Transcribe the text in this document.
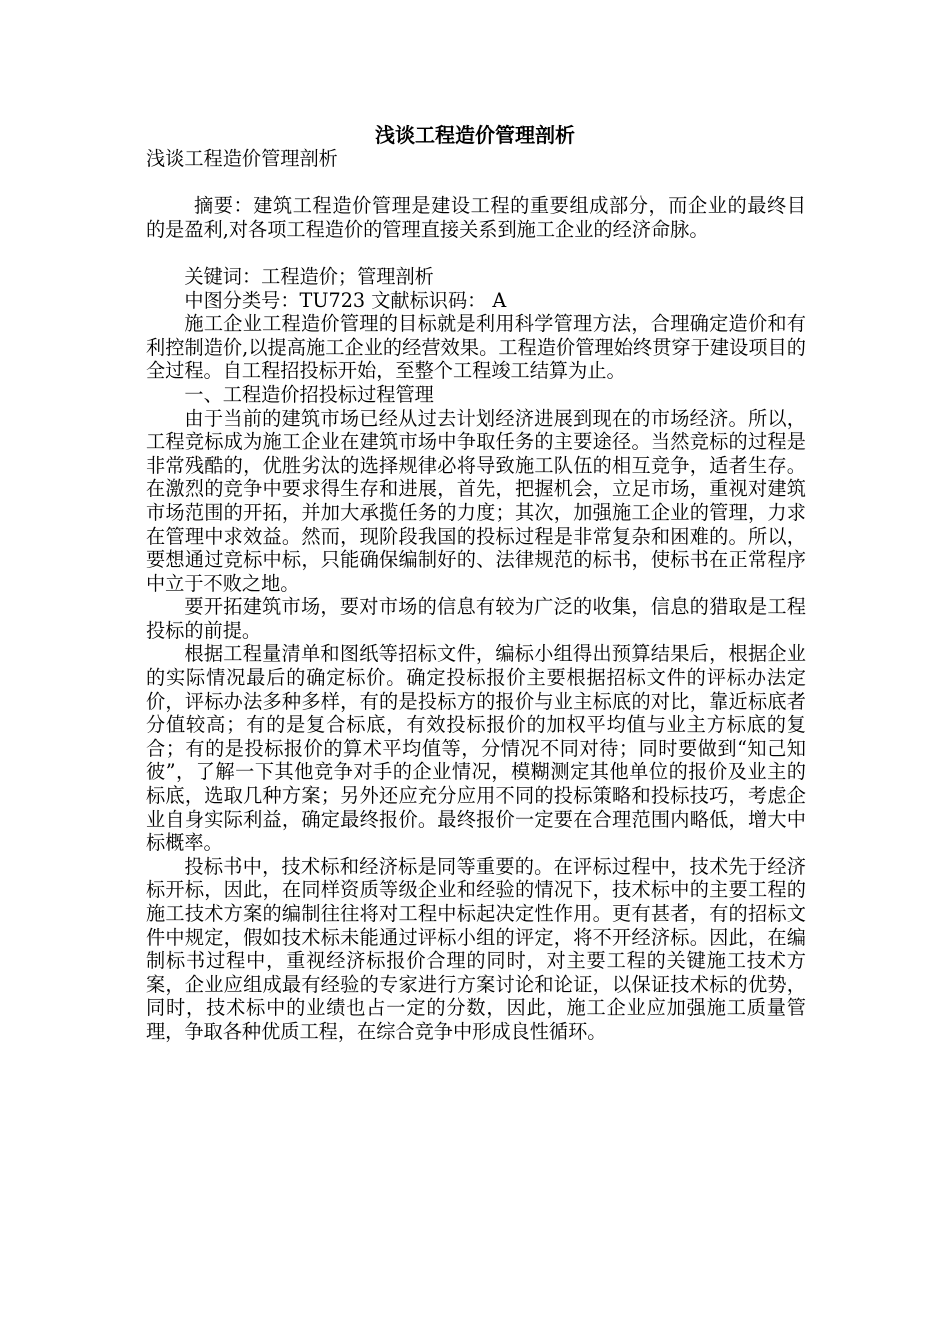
浅谈工程造价管理剖析

浅谈工程造价管理剖析

摘要：建筑工程造价管理是建设工程的重要组成部分，而企业的最终目的是盈利,对各项工程造价的管理直接关系到施工企业的经济命脉。

关键词：工程造价；管理剖析

中图分类号：TU723 文献标识码： A

施工企业工程造价管理的目标就是利用科学管理方法，合理确定造价和有利控制造价,以提高施工企业的经营效果。工程造价管理始终贯穿于建设项目的全过程。自工程招投标开始，至整个工程竣工结算为止。

一、工程造价招投标过程管理

由于当前的建筑市场已经从过去计划经济进展到现在的市场经济。所以，工程竞标成为施工企业在建筑市场中争取任务的主要途径。当然竞标的过程是非常残酷的，优胜劣汰的选择规律必将导致施工队伍的相互竞争，适者生存。在激烈的竞争中要求得生存和进展，首先，把握机会，立足市场，重视对建筑市场范围的开拓，并加大承揽任务的力度；其次，加强施工企业的管理，力求在管理中求效益。然而，现阶段我国的投标过程是非常复杂和困难的。所以，要想通过竞标中标，只能确保编制好的、法律规范的标书，使标书在正常程序中立于不败之地。

要开拓建筑市场，要对市场的信息有较为广泛的收集，信息的猎取是工程投标的前提。

根据工程量清单和图纸等招标文件，编标小组得出预算结果后，根据企业的实际情况最后的确定标价。确定投标报价主要根据招标文件的评标办法定价，评标办法多种多样，有的是投标方的报价与业主标底的对比，靠近标底者分值较高；有的是复合标底，有效投标报价的加权平均值与业主方标底的复合；有的是投标报价的算术平均值等，分情况不同对待；同时要做到“知己知彼”，了解一下其他竞争对手的企业情况，模糊测定其他单位的报价及业主的标底，选取几种方案；另外还应充分应用不同的投标策略和投标技巧，考虑企业自身实际利益，确定最终报价。最终报价一定要在合理范围内略低，增大中标概率。

投标书中，技术标和经济标是同等重要的。在评标过程中，技术先于经济标开标，因此，在同样资质等级企业和经验的情况下，技术标中的主要工程的施工技术方案的编制往往将对工程中标起决定性作用。更有甚者，有的招标文件中规定，假如技术标未能通过评标小组的评定，将不开经济标。因此，在编制标书过程中，重视经济标报价合理的同时，对主要工程的关键施工技术方案，企业应组成最有经验的专家进行方案讨论和论证，以保证技术标的优势，同时，技术标中的业绩也占一定的分数，因此，施工企业应加强施工质量管理，争取各种优质工程，在综合竞争中形成良性循环。
